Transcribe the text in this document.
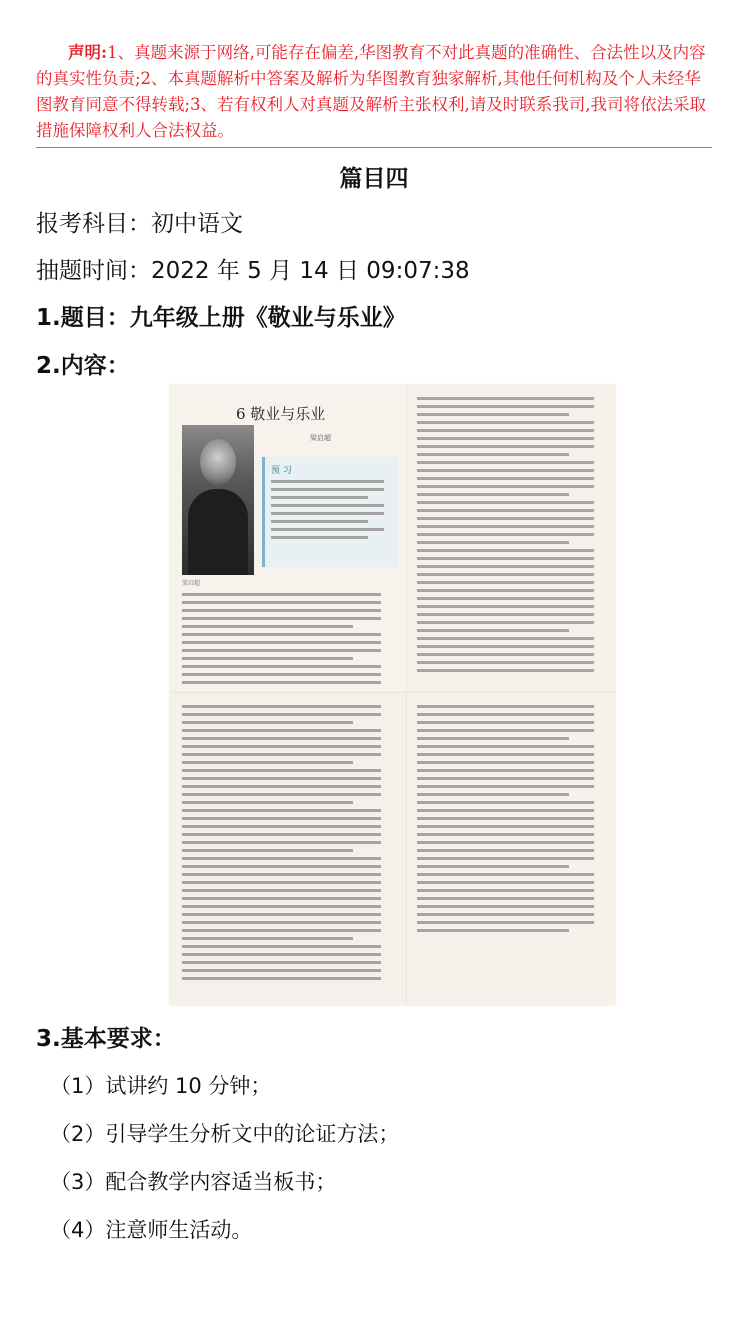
声明:1、真题来源于网络,可能存在偏差,华图教育不对此真题的准确性、合法性以及内容的真实性负责;2、本真题解析中答案及解析为华图教育独家解析,其他任何机构及个人未经华图教育同意不得转载;3、若有权利人对真题及解析主张权利,请及时联系我司,我司将依法采取措施保障权利人合法权益。
篇目四
报考科目：初中语文
抽题时间：2022 年 5 月 14 日 09:07:38
1.题目：九年级上册《敬业与乐业》
2.内容：
6 敬业与乐业
梁启超
梁启超
预 习
3.基本要求：
（1）试讲约 10 分钟；
（2）引导学生分析文中的论证方法；
（3）配合教学内容适当板书；
（4）注意师生活动。
